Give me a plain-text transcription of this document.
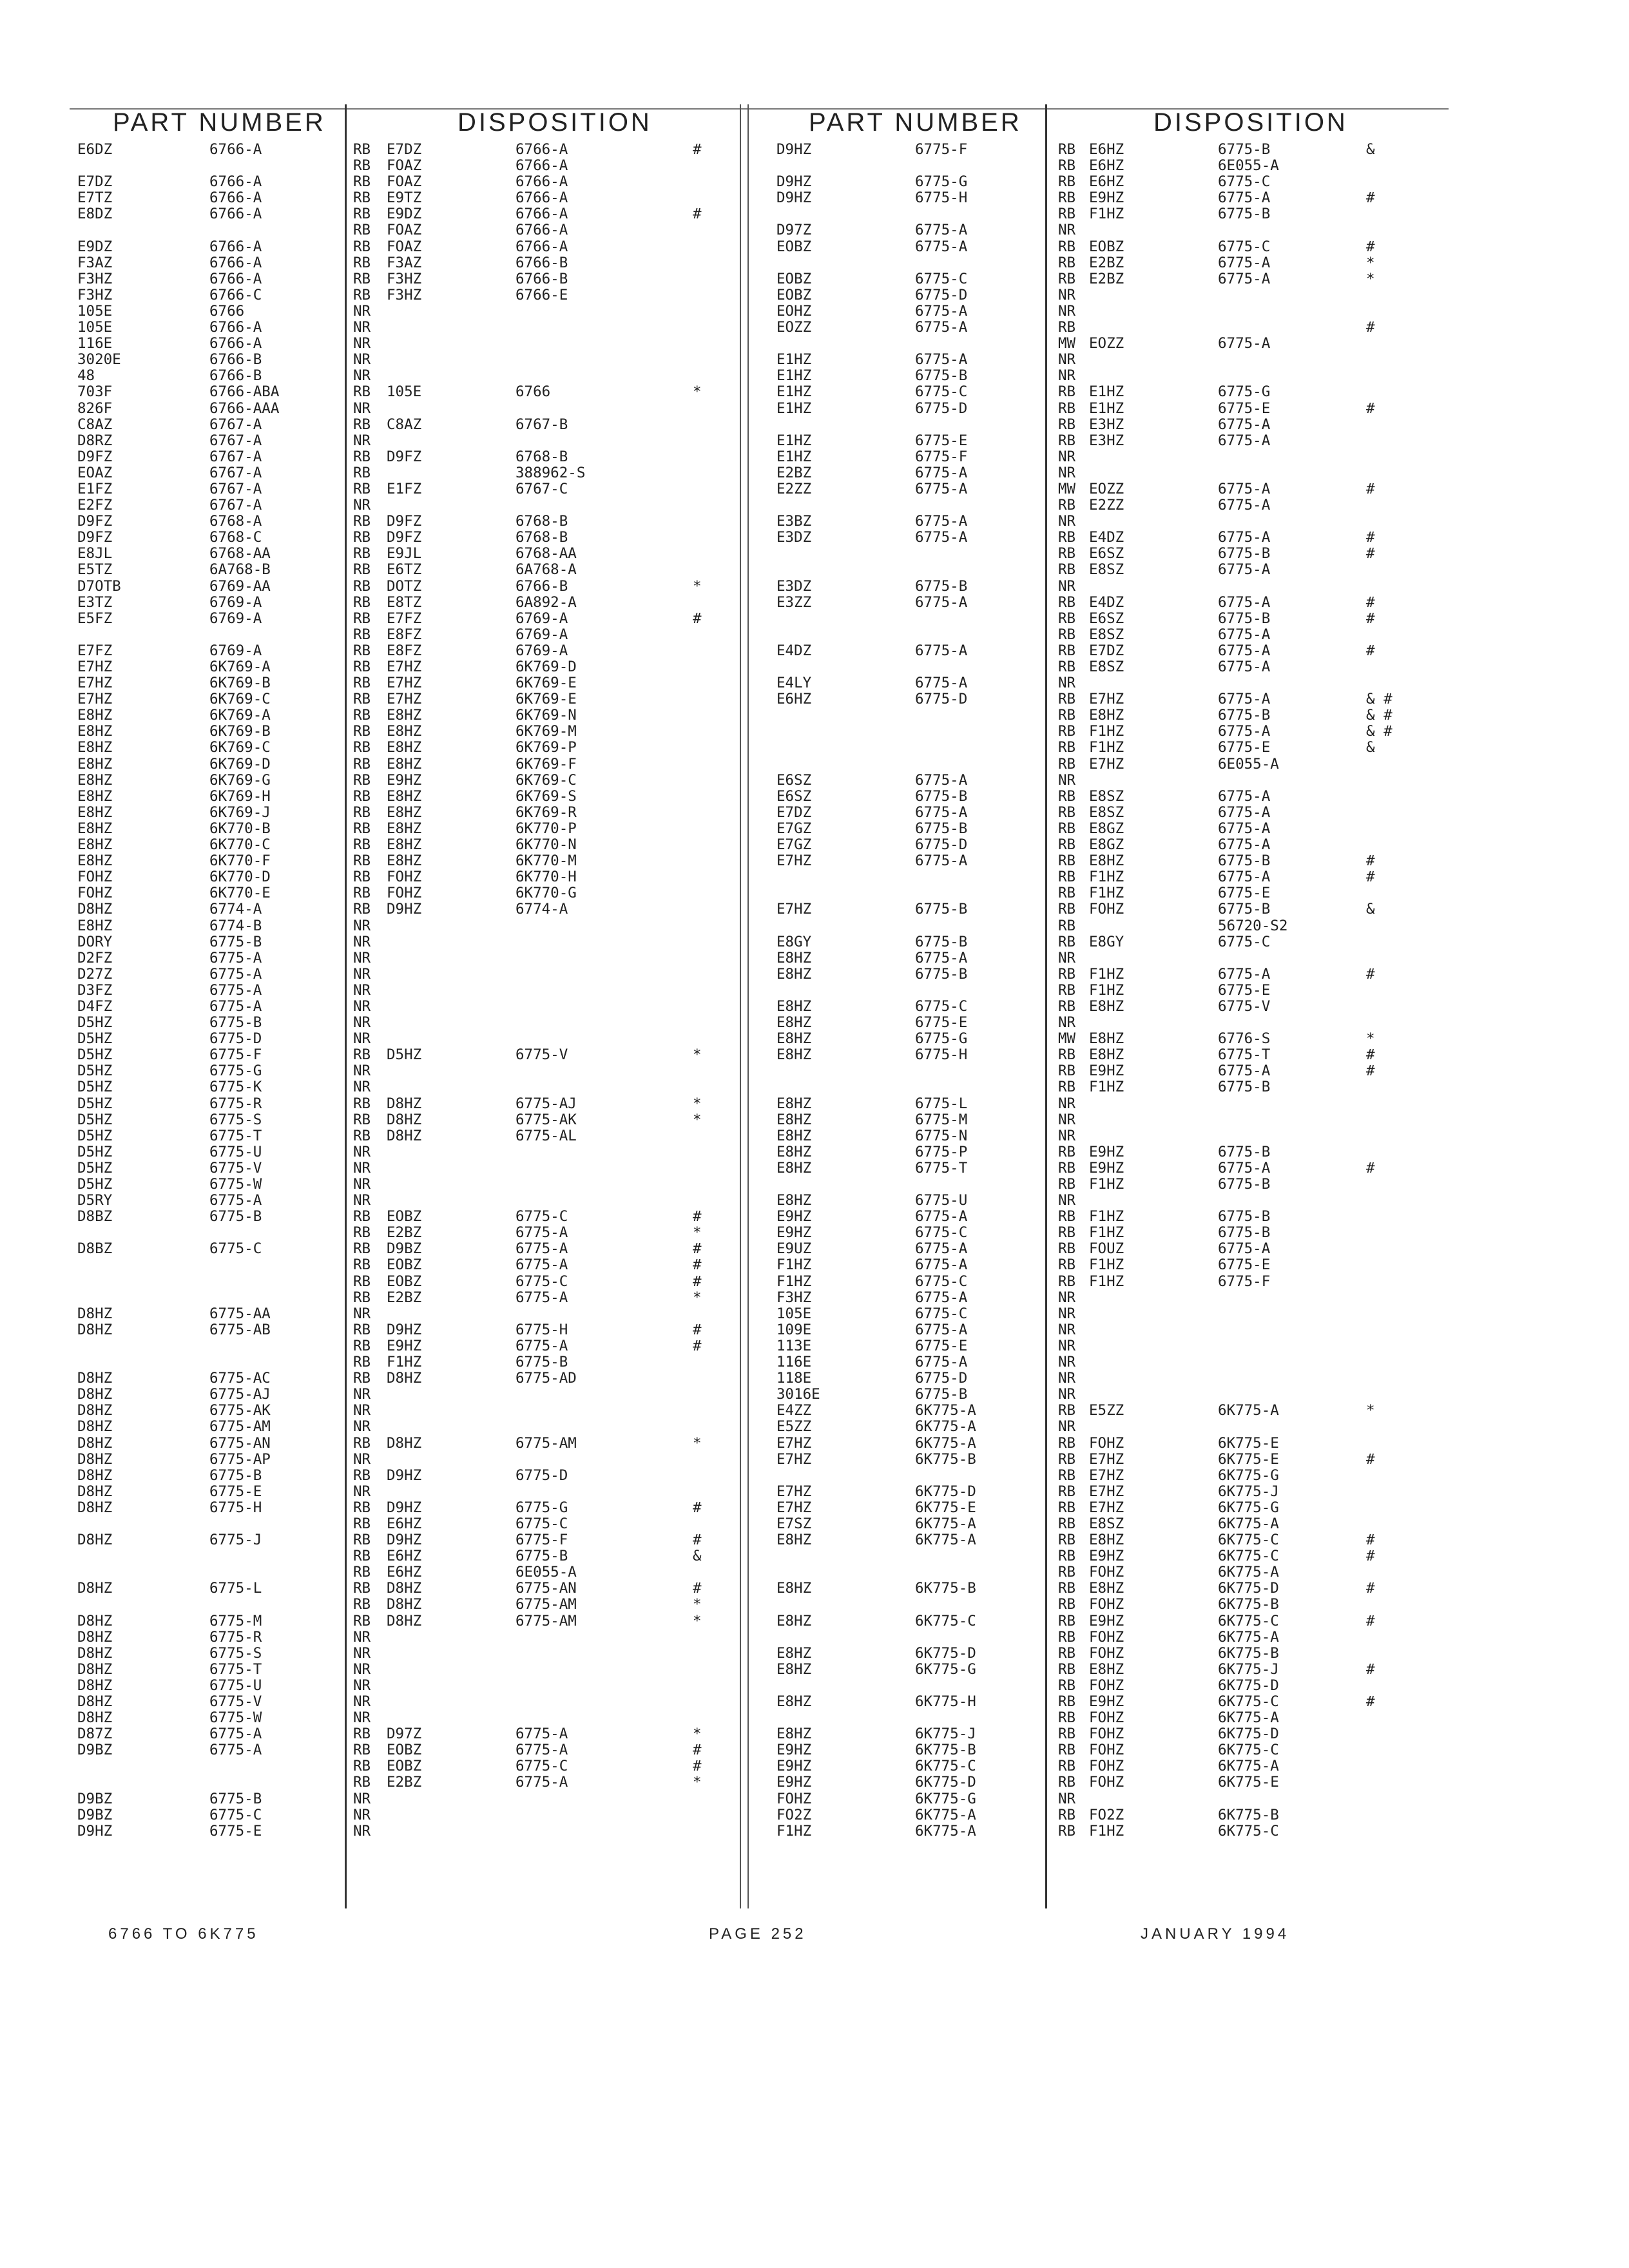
PART NUMBER	DISPOSITION	PART NUMBER	DISPOSITION
E6DZ	6766-A	RB E7DZ	6766-A	#
RB FOAZ	6766-A
E7DZ	6766-A	RB FOAZ	6766-A
E7TZ	6766-A	RB E9TZ	6766-A
E8DZ	6766-A	RB E9DZ	6766-A	#
RB FOAZ	6766-A
E9DZ	6766-A	RB FOAZ	6766-A
F3AZ	6766-A	RB F3AZ	6766-B
F3HZ	6766-A	RB F3HZ	6766-B
F3HZ	6766-C	RB F3HZ	6766-E
105E	6766	NR
105E	6766-A	NR
116E	6766-A	NR
3020E	6766-B	NR
48	6766-B	NR
703F	6766-ABA	RB 105E	6766	*
826F	6766-AAA	NR
C8AZ	6767-A	RB C8AZ	6767-B
D8RZ	6767-A	NR
D9FZ	6767-A	RB D9FZ	6768-B
EOAZ	6767-A	RB	388962-S
E1FZ	6767-A	RB E1FZ	6767-C
E2FZ	6767-A	NR
D9FZ	6768-A	RB D9FZ	6768-B
D9FZ	6768-C	RB D9FZ	6768-B
E8JL	6768-AA	RB E9JL	6768-AA
E5TZ	6A768-B	RB E6TZ	6A768-A
D7OTB	6769-AA	RB DOTZ	6766-B	*
E3TZ	6769-A	RB E8TZ	6A892-A
E5FZ	6769-A	RB E7FZ	6769-A	#
RB E8FZ	6769-A
E7FZ	6769-A	RB E8FZ	6769-A
E7HZ	6K769-A	RB E7HZ	6K769-D
E7HZ	6K769-B	RB E7HZ	6K769-E
E7HZ	6K769-C	RB E7HZ	6K769-E
E8HZ	6K769-A	RB E8HZ	6K769-N
E8HZ	6K769-B	RB E8HZ	6K769-M
E8HZ	6K769-C	RB E8HZ	6K769-P
E8HZ	6K769-D	RB E8HZ	6K769-F
E8HZ	6K769-G	RB E9HZ	6K769-C
E8HZ	6K769-H	RB E8HZ	6K769-S
E8HZ	6K769-J	RB E8HZ	6K769-R
E8HZ	6K770-B	RB E8HZ	6K770-P
E8HZ	6K770-C	RB E8HZ	6K770-N
E8HZ	6K770-F	RB E8HZ	6K770-M
FOHZ	6K770-D	RB FOHZ	6K770-H
FOHZ	6K770-E	RB FOHZ	6K770-G
D8HZ	6774-A	RB D9HZ	6774-A
E8HZ	6774-B	NR
DORY	6775-B	NR
D2FZ	6775-A	NR
D27Z	6775-A	NR
D3FZ	6775-A	NR
D4FZ	6775-A	NR
D5HZ	6775-B	NR
D5HZ	6775-D	NR
D5HZ	6775-F	RB D5HZ	6775-V	*
D5HZ	6775-G	NR
D5HZ	6775-K	NR
D5HZ	6775-R	RB D8HZ	6775-AJ	*
D5HZ	6775-S	RB D8HZ	6775-AK	*
D5HZ	6775-T	RB D8HZ	6775-AL
D5HZ	6775-U	NR
D5HZ	6775-V	NR
D5HZ	6775-W	NR
D5RY	6775-A	NR
D8BZ	6775-B	RB EOBZ	6775-C	#
RB E2BZ	6775-A	*
D8BZ	6775-C	RB D9BZ	6775-A	#
RB EOBZ	6775-A	#
RB EOBZ	6775-C	#
RB E2BZ	6775-A	*
D8HZ	6775-AA	NR
D8HZ	6775-AB	RB D9HZ	6775-H	#
RB E9HZ	6775-A	#
RB F1HZ	6775-B
D8HZ	6775-AC	RB D8HZ	6775-AD
D8HZ	6775-AJ	NR
D8HZ	6775-AK	NR
D8HZ	6775-AM	NR
D8HZ	6775-AN	RB D8HZ	6775-AM	*
D8HZ	6775-AP	NR
D8HZ	6775-B	RB D9HZ	6775-D
D8HZ	6775-E	NR
D8HZ	6775-H	RB D9HZ	6775-G	#
RB E6HZ	6775-C
D8HZ	6775-J	RB D9HZ	6775-F	#
RB E6HZ	6775-B	&
RB E6HZ	6E055-A
D8HZ	6775-L	RB D8HZ	6775-AN	#
RB D8HZ	6775-AM	*
D8HZ	6775-M	RB D8HZ	6775-AM	*
D8HZ	6775-R	NR
D8HZ	6775-S	NR
D8HZ	6775-T	NR
D8HZ	6775-U	NR
D8HZ	6775-V	NR
D8HZ	6775-W	NR
D87Z	6775-A	RB D97Z	6775-A	*
D9BZ	6775-A	RB EOBZ	6775-A	#
RB EOBZ	6775-C	#
RB E2BZ	6775-A	*
D9BZ	6775-B	NR
D9BZ	6775-C	NR
D9HZ	6775-E	NR
D9HZ	6775-F	RB E6HZ	6775-B	&
RB E6HZ	6E055-A
D9HZ	6775-G	RB E6HZ	6775-C
D9HZ	6775-H	RB E9HZ	6775-A	#
RB F1HZ	6775-B
D97Z	6775-A	NR
EOBZ	6775-A	RB EOBZ	6775-C	#
RB E2BZ	6775-A	*
EOBZ	6775-C	RB E2BZ	6775-A	*
EOBZ	6775-D	NR
EOHZ	6775-A	NR
EOZZ	6775-A	RB	#
MW EOZZ	6775-A
E1HZ	6775-A	NR
E1HZ	6775-B	NR
E1HZ	6775-C	RB E1HZ	6775-G
E1HZ	6775-D	RB E1HZ	6775-E	#
RB E3HZ	6775-A
E1HZ	6775-E	RB E3HZ	6775-A
E1HZ	6775-F	NR
E2BZ	6775-A	NR
E2ZZ	6775-A	MW EOZZ	6775-A	#
RB E2ZZ	6775-A
E3BZ	6775-A	NR
E3DZ	6775-A	RB E4DZ	6775-A	#
RB E6SZ	6775-B	#
RB E8SZ	6775-A
E3DZ	6775-B	NR
E3ZZ	6775-A	RB E4DZ	6775-A	#
RB E6SZ	6775-B	#
RB E8SZ	6775-A
E4DZ	6775-A	RB E7DZ	6775-A	#
RB E8SZ	6775-A
E4LY	6775-A	NR
E6HZ	6775-D	RB E7HZ	6775-A	& #
RB E8HZ	6775-B	& #
RB F1HZ	6775-A	& #
RB F1HZ	6775-E	&
RB E7HZ	6E055-A
E6SZ	6775-A	NR
E6SZ	6775-B	RB E8SZ	6775-A
E7DZ	6775-A	RB E8SZ	6775-A
E7GZ	6775-B	RB E8GZ	6775-A
E7GZ	6775-D	RB E8GZ	6775-A
E7HZ	6775-A	RB E8HZ	6775-B	#
RB F1HZ	6775-A	#
RB F1HZ	6775-E
E7HZ	6775-B	RB FOHZ	6775-B	&
RB	56720-S2
E8GY	6775-B	RB E8GY	6775-C
E8HZ	6775-A	NR
E8HZ	6775-B	RB F1HZ	6775-A	#
RB F1HZ	6775-E
E8HZ	6775-C	RB E8HZ	6775-V
E8HZ	6775-E	NR
E8HZ	6775-G	MW E8HZ	6776-S	*
E8HZ	6775-H	RB E8HZ	6775-T	#
RB E9HZ	6775-A	#
RB F1HZ	6775-B
E8HZ	6775-L	NR
E8HZ	6775-M	NR
E8HZ	6775-N	NR
E8HZ	6775-P	RB E9HZ	6775-B
E8HZ	6775-T	RB E9HZ	6775-A	#
RB F1HZ	6775-B
E8HZ	6775-U	NR
E9HZ	6775-A	RB F1HZ	6775-B
E9HZ	6775-C	RB F1HZ	6775-B
E9UZ	6775-A	RB FOUZ	6775-A
F1HZ	6775-A	RB F1HZ	6775-E
F1HZ	6775-C	RB F1HZ	6775-F
F3HZ	6775-A	NR
105E	6775-C	NR
109E	6775-A	NR
113E	6775-E	NR
116E	6775-A	NR
118E	6775-D	NR
3016E	6775-B	NR
E4ZZ	6K775-A	RB E5ZZ	6K775-A	*
E5ZZ	6K775-A	NR
E7HZ	6K775-A	RB FOHZ	6K775-E
E7HZ	6K775-B	RB E7HZ	6K775-E	#
RB E7HZ	6K775-G
E7HZ	6K775-D	RB E7HZ	6K775-J
E7HZ	6K775-E	RB E7HZ	6K775-G
E7SZ	6K775-A	RB E8SZ	6K775-A
E8HZ	6K775-A	RB E8HZ	6K775-C	#
RB E9HZ	6K775-C	#
RB FOHZ	6K775-A
E8HZ	6K775-B	RB E8HZ	6K775-D	#
RB FOHZ	6K775-B
E8HZ	6K775-C	RB E9HZ	6K775-C	#
RB FOHZ	6K775-A
E8HZ	6K775-D	RB FOHZ	6K775-B
E8HZ	6K775-G	RB E8HZ	6K775-J	#
RB FOHZ	6K775-D
E8HZ	6K775-H	RB E9HZ	6K775-C	#
RB FOHZ	6K775-A
E8HZ	6K775-J	RB FOHZ	6K775-D
E9HZ	6K775-B	RB FOHZ	6K775-C
E9HZ	6K775-C	RB FOHZ	6K775-A
E9HZ	6K775-D	RB FOHZ	6K775-E
FOHZ	6K775-G	NR
FO2Z	6K775-A	RB FO2Z	6K775-B
F1HZ	6K775-A	RB F1HZ	6K775-C
6766 TO 6K775	PAGE 252	JANUARY 1994
